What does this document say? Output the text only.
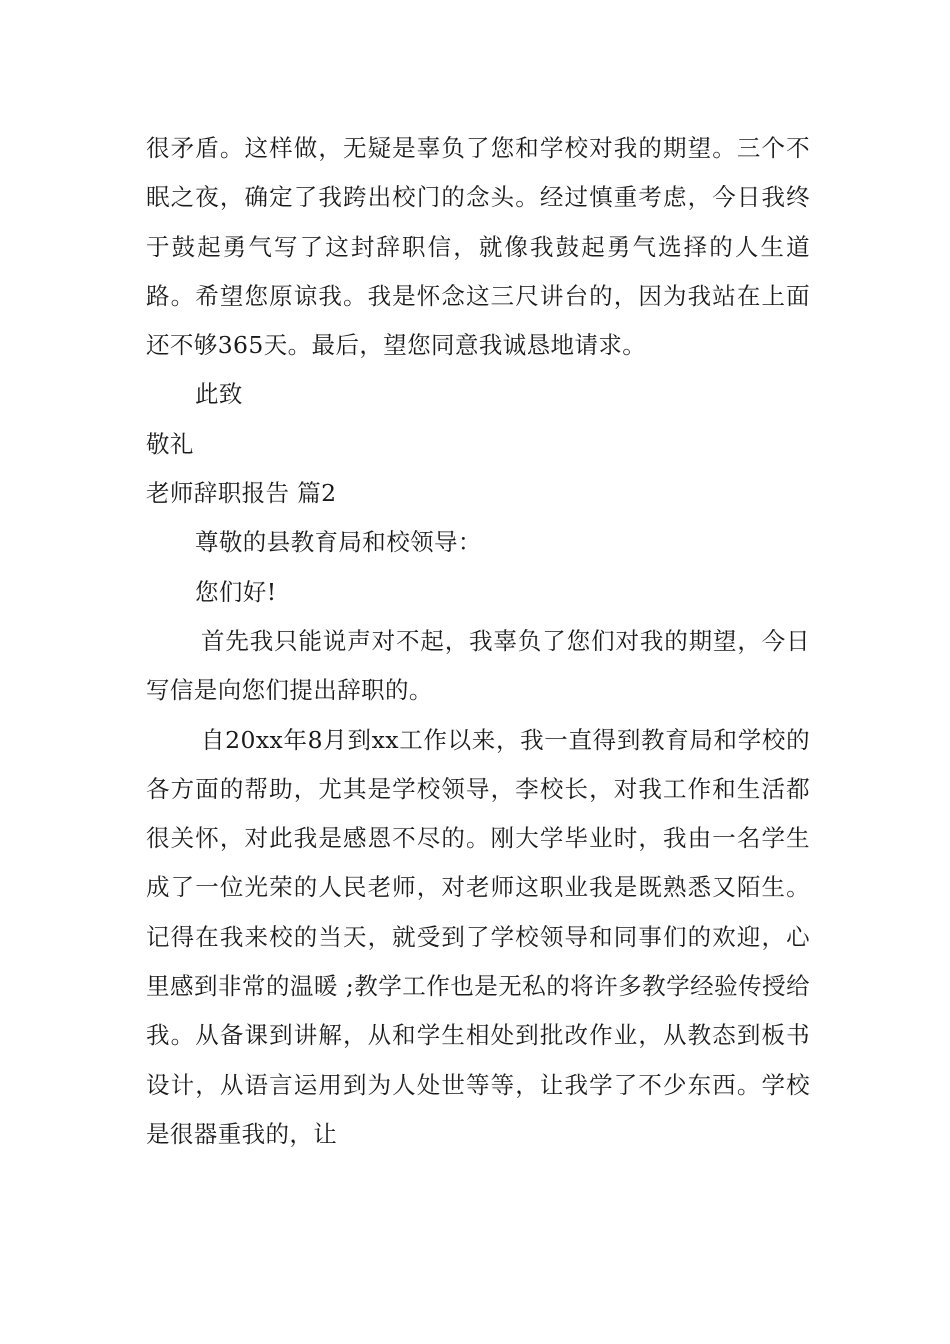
很矛盾。这样做，无疑是辜负了您和学校对我的期望。三个不眠之夜，确定了我跨出校门的念头。经过慎重考虑，今日我终于鼓起勇气写了这封辞职信，就像我鼓起勇气选择的人生道路。希望您原谅我。我是怀念这三尺讲台的，因为我站在上面还不够365天。最后，望您同意我诚恳地请求。

此致

敬礼

老师辞职报告 篇2

尊敬的县教育局和校领导：

您们好!

首先我只能说声对不起，我辜负了您们对我的期望，今日写信是向您们提出辞职的。

自20xx年8月到xx工作以来，我一直得到教育局和学校的各方面的帮助，尤其是学校领导，李校长，对我工作和生活都很关怀，对此我是感恩不尽的。刚大学毕业时，我由一名学生成了一位光荣的人民老师，对老师这职业我是既熟悉又陌生。记得在我来校的当天，就受到了学校领导和同事们的欢迎，心里感到非常的温暖 ;教学工作也是无私的将许多教学经验传授给我。从备课到讲解，从和学生相处到批改作业，从教态到板书设计，从语言运用到为人处世等等，让我学了不少东西。学校是很器重我的，让
